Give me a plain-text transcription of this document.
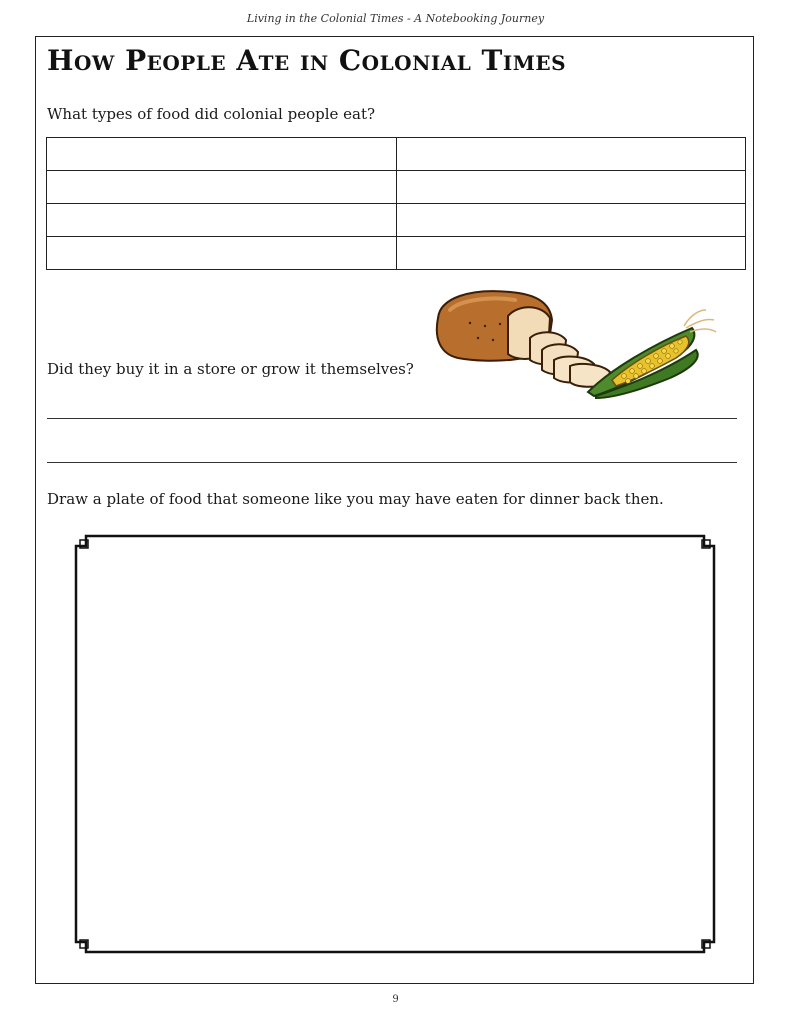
Living in the Colonial Times - A Notebooking Journey
How People Ate in Colonial Times
What types of food did colonial people eat?

Did they buy it in a store or grow it themselves?
Draw a plate of food that someone like you may have eaten for dinner back then.
9
